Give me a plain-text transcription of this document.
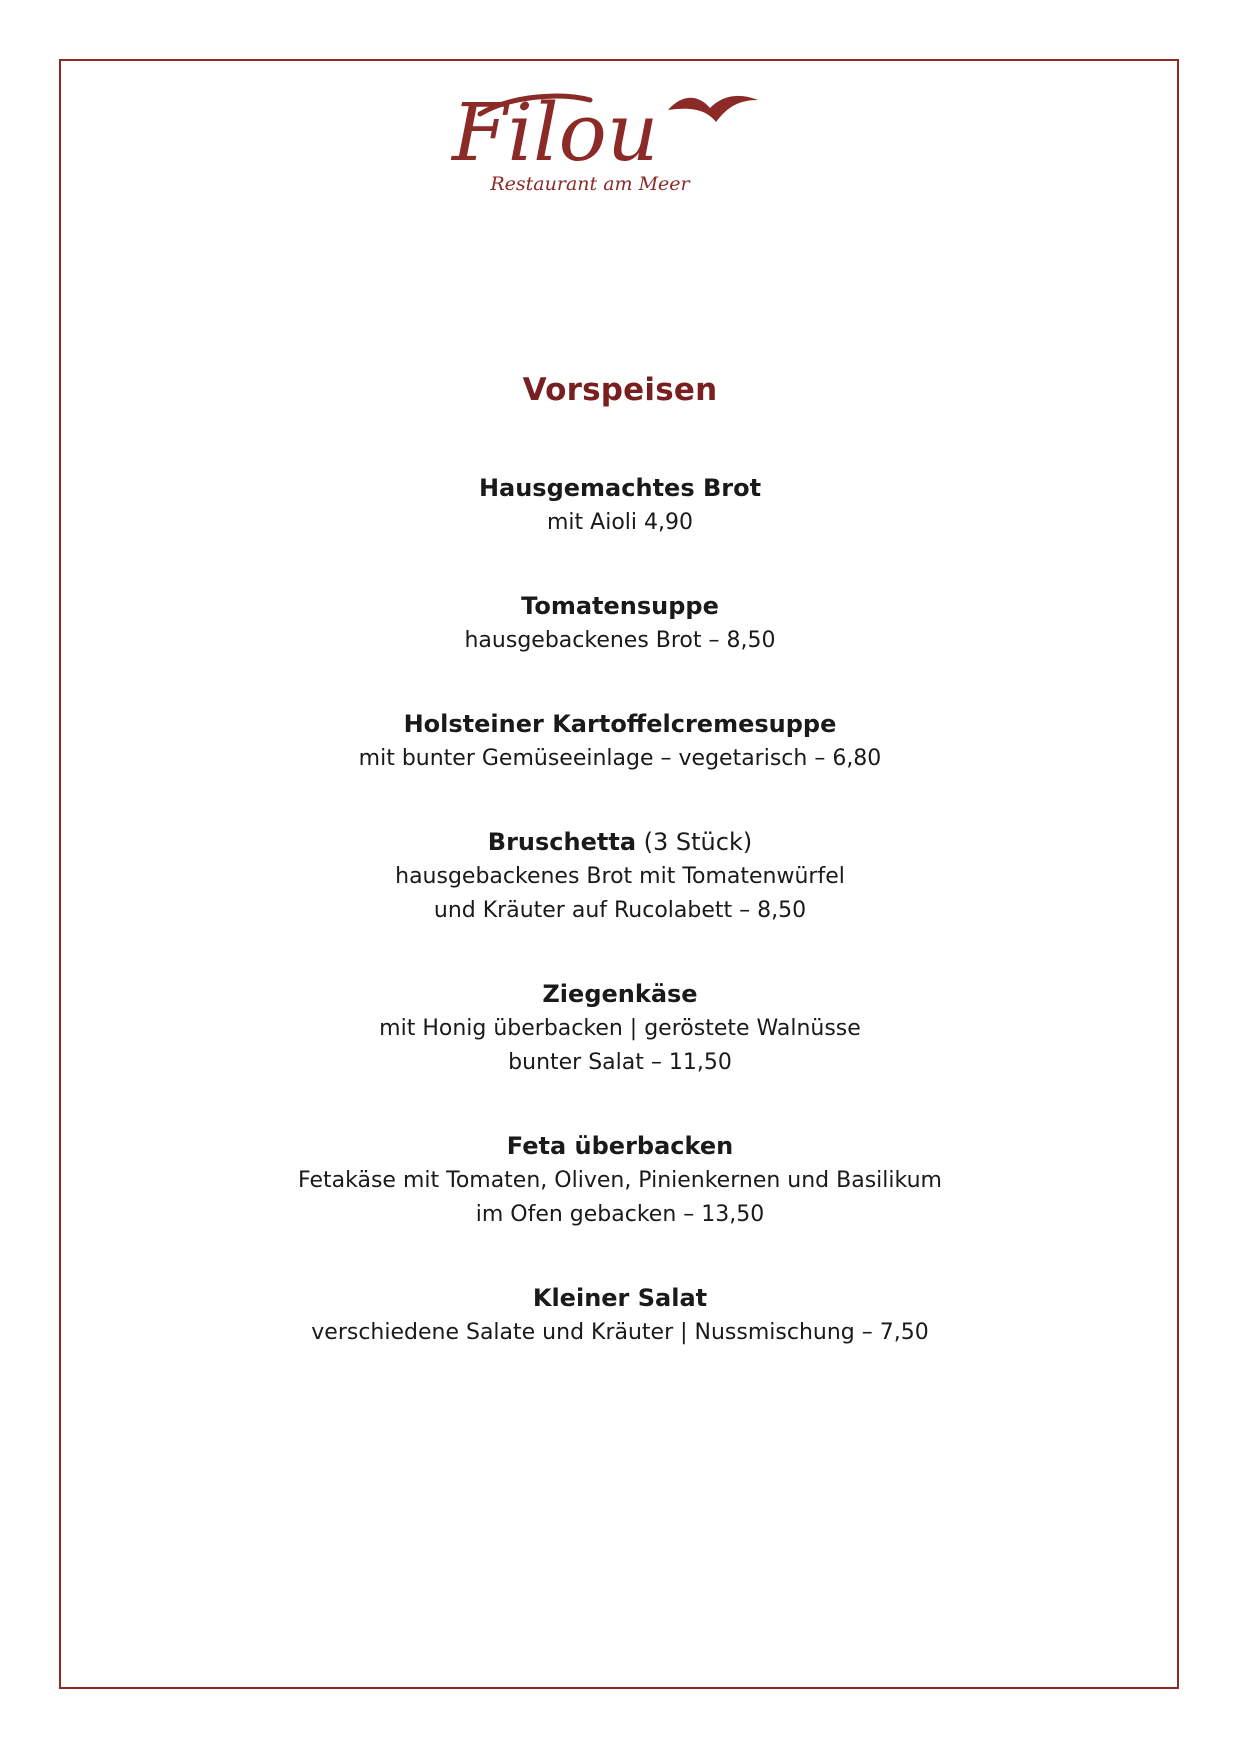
Filou
Restaurant am Meer
Vorspeisen
Hausgemachtes Brot
mit Aioli 4,90
Tomatensuppe
hausgebackenes Brot – 8,50
Holsteiner Kartoffelcremesuppe
mit bunter Gemüseeinlage – vegetarisch – 6,80
Bruschetta (3 Stück)
hausgebackenes Brot mit Tomatenwürfel
und Kräuter auf Rucolabett – 8,50
Ziegenkäse
mit Honig überbacken | geröstete Walnüsse
bunter Salat – 11,50
Feta überbacken
Fetakäse mit Tomaten, Oliven, Pinienkernen und Basilikum
im Ofen gebacken – 13,50
Kleiner Salat
verschiedene Salate und Kräuter | Nussmischung – 7,50
